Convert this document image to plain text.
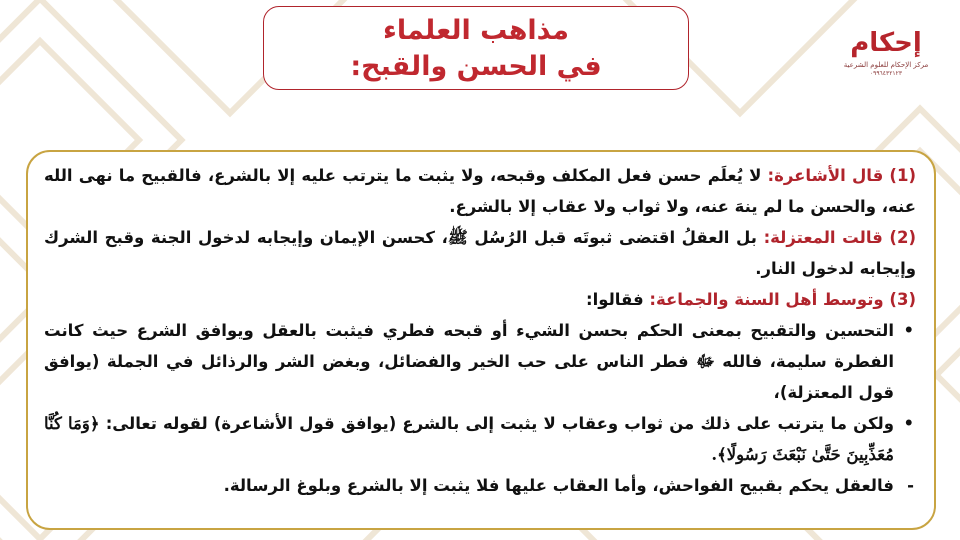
مذاهب العلماء
في الحسن والقبح:
إحكام
مركز الإحكام للعلوم الشرعية
٠٩٩٦٤٣٢١٢٣

(1) قال الأشاعرة: لا يُعلَم حسن فعل المكلف وقبحه، ولا يثبت ما يترتب عليه إلا بالشرع، فالقبيح ما نهى الله عنه، والحسن ما لم ينهَ عنه، ولا ثواب ولا عقاب إلا بالشرع.

(2) قالت المعتزلة: بل العقلُ اقتضى ثبوتَه قبل الرُسُل ﷺ، كحسن الإيمان وإيجابه لدخول الجنة وقبح الشرك وإيجابه لدخول النار.

(3) وتوسط أهل السنة والجماعة: فقالوا:

•
التحسين والتقبيح بمعنى الحكم بحسن الشيء أو قبحه فطري فيثبت بالعقل ويوافق الشرع حيث كانت الفطرة سليمة، فالله ﷻ فطر الناس على حب الخير والفضائل، وبغض الشر والرذائل في الجملة (يوافق قول المعتزلة)،
•
ولكن ما يترتب على ذلك من ثواب وعقاب لا يثبت إلى بالشرع (يوافق قول الأشاعرة) لقوله تعالى: ﴿وَمَا كُنَّا مُعَذِّبِينَ حَتَّىٰ نَبْعَثَ رَسُولًا﴾.
-
فالعقل يحكم بقبيح الفواحش، وأما العقاب عليها فلا يثبت إلا بالشرع وبلوغ الرسالة.
